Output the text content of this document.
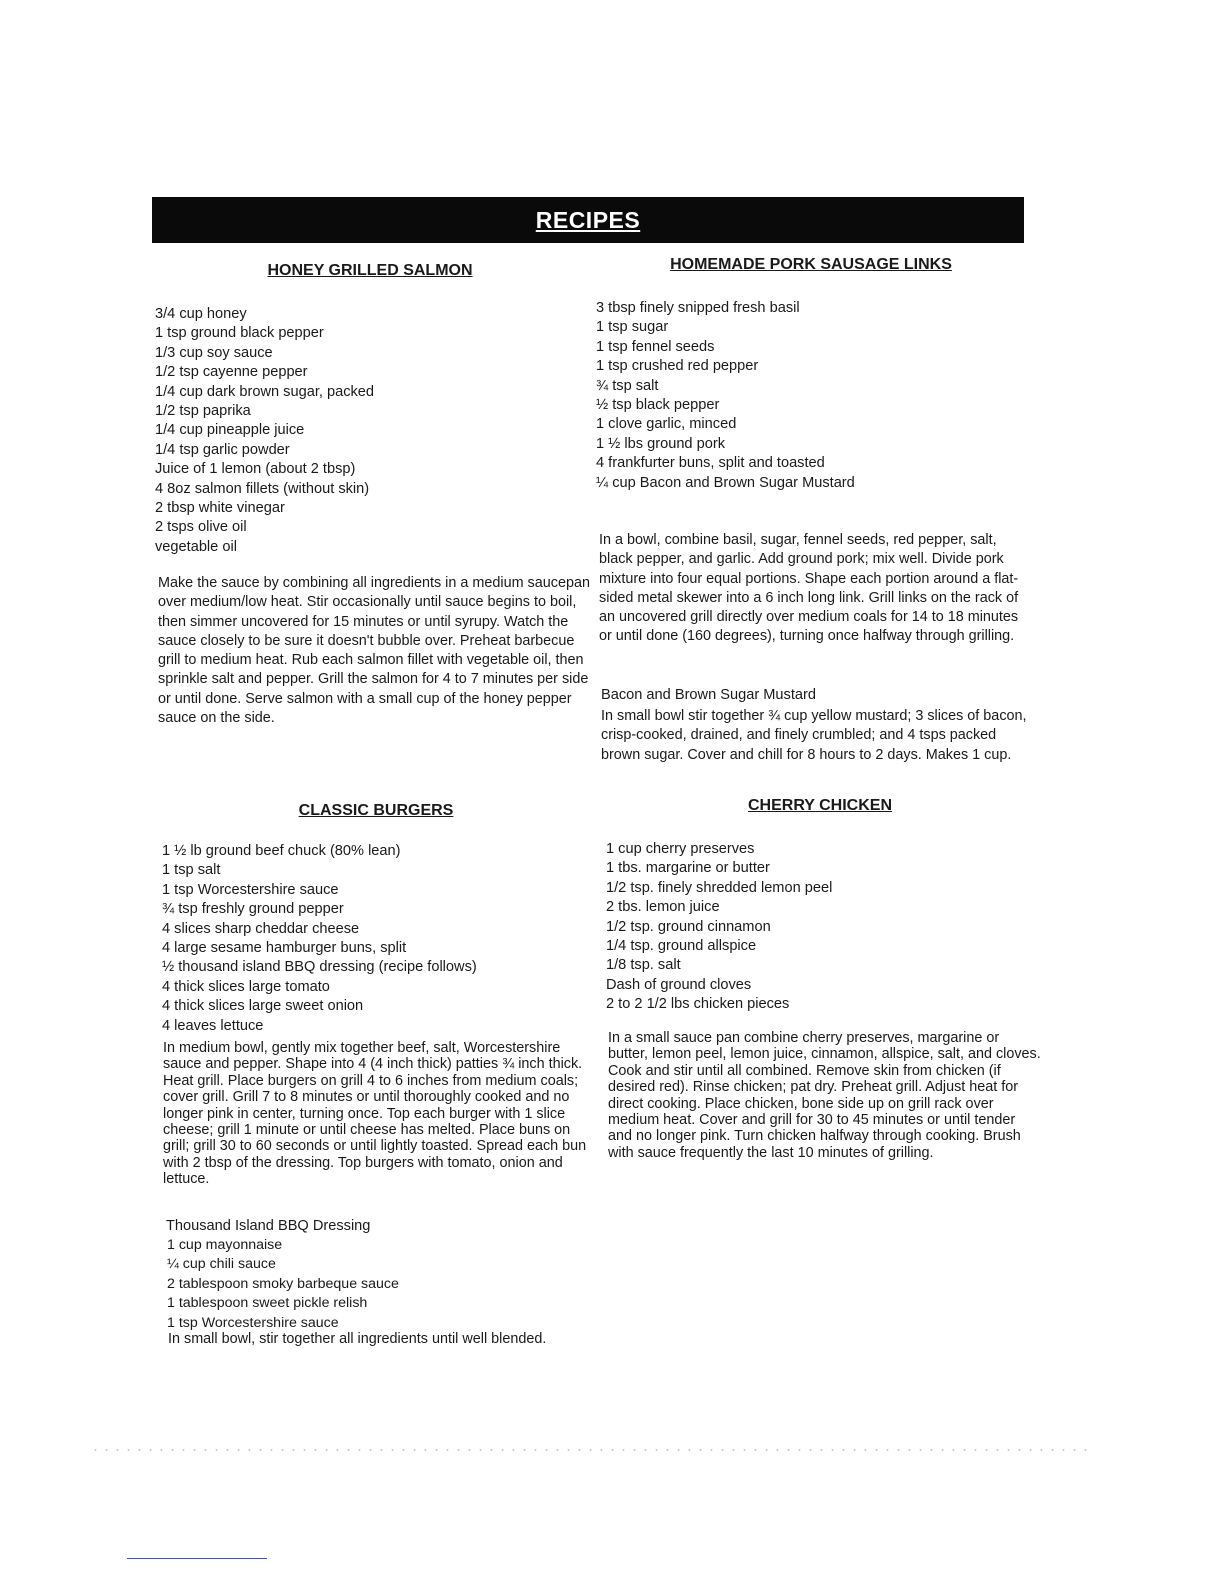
RECIPES
HONEY GRILLED SALMON
3/4 cup honey
1 tsp ground black pepper
1/3 cup soy sauce
1/2 tsp cayenne pepper
1/4 cup dark brown sugar, packed
1/2 tsp paprika
1/4 cup pineapple juice
1/4 tsp garlic powder
Juice of 1 lemon (about 2 tbsp)
4 8oz salmon fillets (without skin)
2 tbsp white vinegar
2 tsps olive oil
vegetable oil

Make the sauce by combining all ingredients in a medium saucepan over medium/low heat. Stir occasionally until sauce begins to boil, then simmer uncovered for 15 minutes or until syrupy. Watch the sauce closely to be sure it doesn't bubble over. Preheat barbecue grill to medium heat. Rub each salmon fillet with vegetable oil, then sprinkle salt and pepper. Grill the salmon for 4 to 7 minutes per side or until done. Serve salmon with a small cup of the honey pepper sauce on the side.

HOMEMADE PORK SAUSAGE LINKS
3 tbsp finely snipped fresh basil
1 tsp sugar
1 tsp fennel seeds
1 tsp crushed red pepper
¾ tsp salt
½ tsp black pepper
1 clove garlic, minced
1 ½ lbs ground pork
4 frankfurter buns, split and toasted
¼ cup Bacon and Brown Sugar Mustard

In a bowl, combine basil, sugar, fennel seeds, red pepper, salt, black pepper, and garlic. Add ground pork; mix well. Divide pork mixture into four equal portions. Shape each portion around a flat-sided metal skewer into a 6 inch long link. Grill links on the rack of an uncovered grill directly over medium coals for 14 to 18 minutes or until done (160 degrees), turning once halfway through grilling.

Bacon and Brown Sugar Mustard

In small bowl stir together ¾ cup yellow mustard; 3 slices of bacon, crisp-cooked, drained, and finely crumbled; and 4 tsps packed brown sugar. Cover and chill for 8 hours to 2 days. Makes 1 cup.

CLASSIC BURGERS
1 ½ lb ground beef chuck (80% lean)
1 tsp salt
1 tsp Worcestershire sauce
¾ tsp freshly ground pepper
4 slices sharp cheddar cheese
4 large sesame hamburger buns, split
½ thousand island BBQ dressing (recipe follows)
4 thick slices large tomato
4 thick slices large sweet onion
4 leaves lettuce

In medium bowl, gently mix together beef, salt, Worcestershire sauce and pepper. Shape into 4 (4 inch thick) patties ¾ inch thick. Heat grill. Place burgers on grill 4 to 6 inches from medium coals; cover grill. Grill 7 to 8 minutes or until thoroughly cooked and no longer pink in center, turning once. Top each burger with 1 slice cheese; grill 1 minute or until cheese has melted. Place buns on grill; grill 30 to 60 seconds or until lightly toasted. Spread each bun with 2 tbsp of the dressing. Top burgers with tomato, onion and lettuce.

Thousand Island BBQ Dressing
1 cup mayonnaise
¼ cup chili sauce
2 tablespoon smoky barbeque sauce
1 tablespoon sweet pickle relish
1 tsp Worcestershire sauce

In small bowl, stir together all ingredients until well blended.

CHERRY CHICKEN
1 cup cherry preserves
1 tbs. margarine or butter
1/2 tsp. finely shredded lemon peel
2 tbs. lemon juice
1/2 tsp. ground cinnamon
1/4 tsp. ground allspice
1/8 tsp. salt
Dash of ground cloves
2 to 2 1/2 lbs chicken pieces

In a small sauce pan combine cherry preserves, margarine or butter, lemon peel, lemon juice, cinnamon, allspice, salt, and cloves. Cook and stir until all combined. Remove skin from chicken (if desired red). Rinse chicken; pat dry. Preheat grill. Adjust heat for direct cooking. Place chicken, bone side up on grill rack over medium heat. Cover and grill for 30 to 45 minutes or until tender and no longer pink. Turn chicken halfway through cooking. Brush with sauce frequently the last 10 minutes of grilling.
